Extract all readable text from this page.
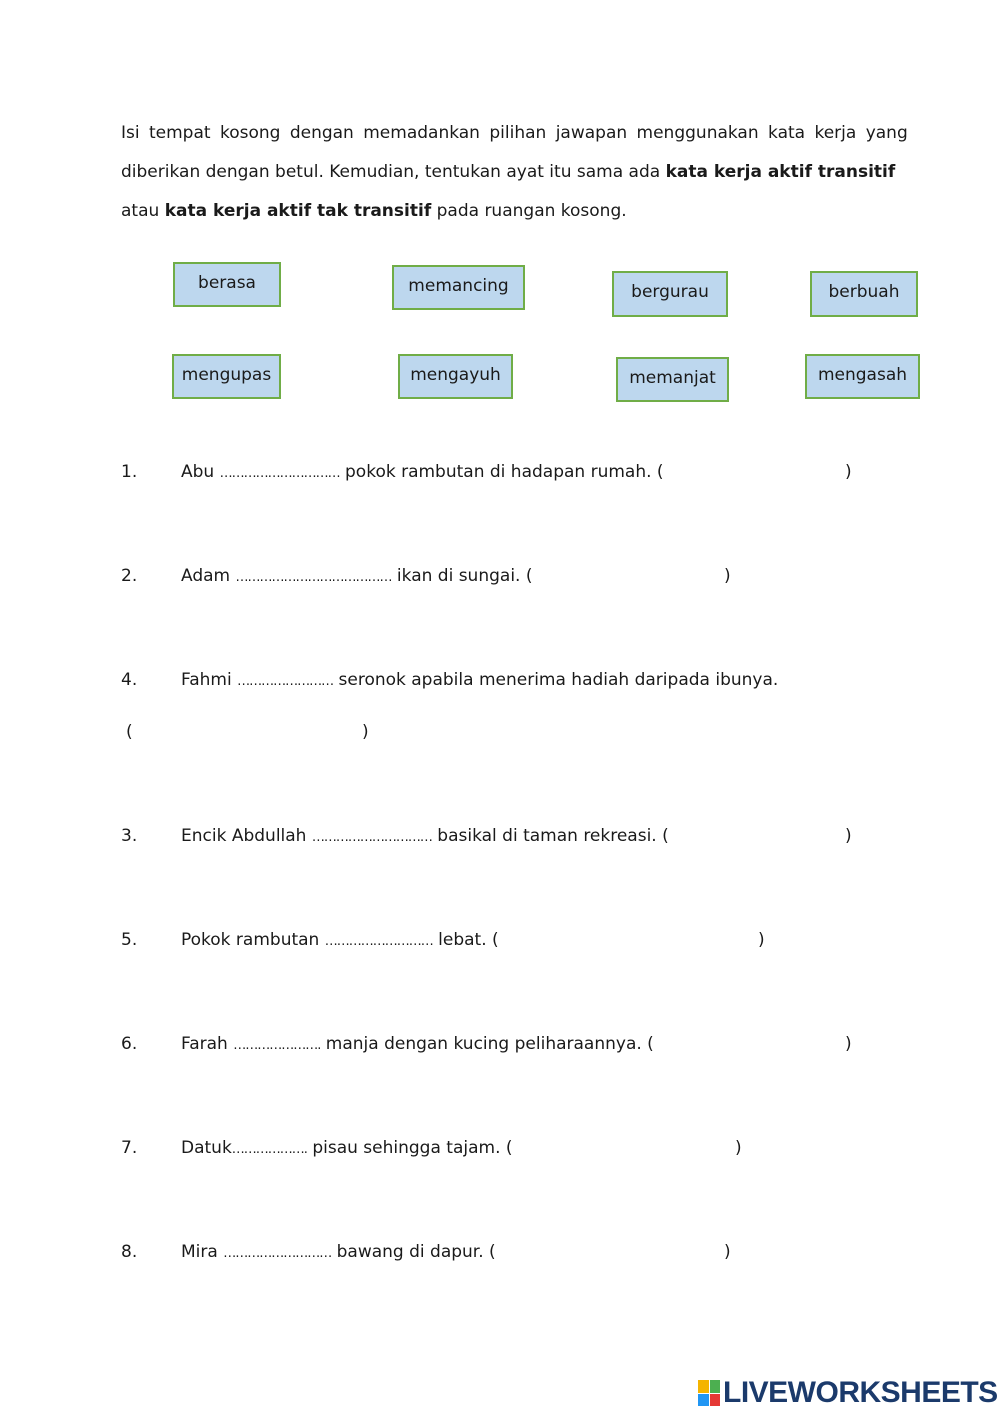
Isi tempat kosong dengan memadankan pilihan jawapan menggunakan kata kerja yang
diberikan dengan betul. Kemudian, tentukan ayat itu sama ada kata kerja aktif transitif
atau kata kerja aktif tak transitif pada ruangan kosong.
berasa	memancing	bergurau	berbuah
mengupas	mengayuh	memanjat	mengasah
1.	Abu ………………………… pokok rambutan di hadapan rumah. (	)
2.	Adam ………………………………… ikan di sungai. (	)
4.	Fahmi …………………… seronok apabila menerima hadiah daripada ibunya.
(	)
3.	Encik Abdullah ………………………… basikal di taman rekreasi. (	)
5.	Pokok rambutan ……………………… lebat. (	)
6.	Farah …………………. manja dengan kucing peliharaannya. (	)
7.	Datuk………………. pisau sehingga tajam. (	)
8.	Mira ……………………… bawang di dapur. (	)
LIVEWORKSHEETS
